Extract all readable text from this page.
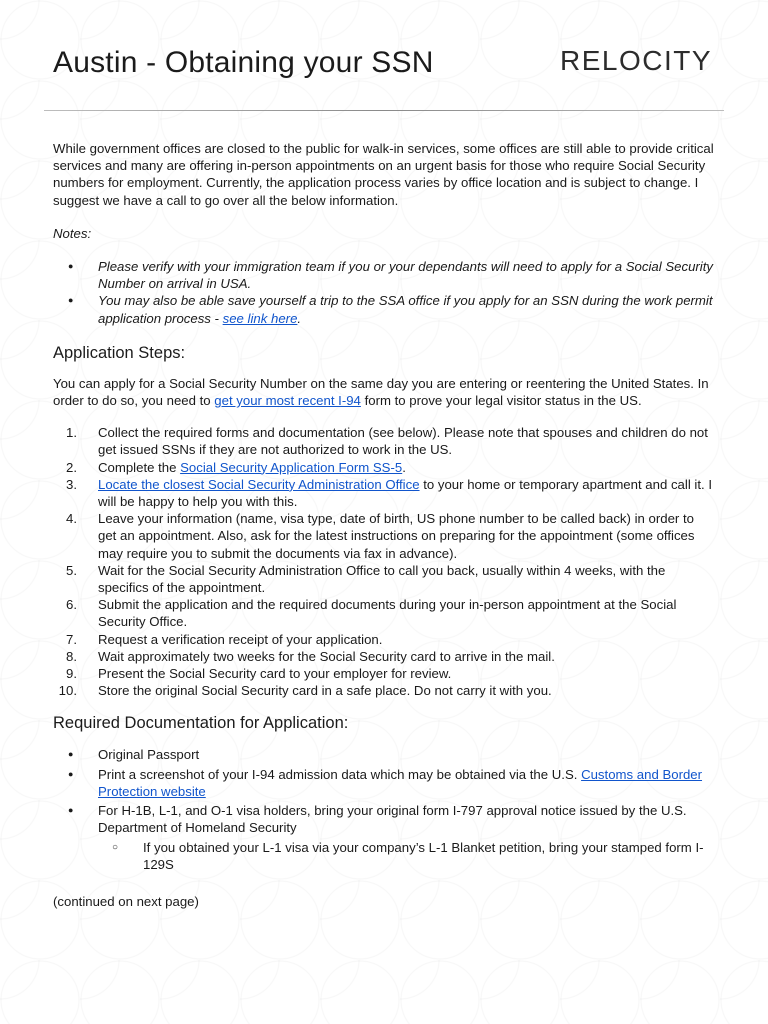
Austin - Obtaining your SSN	RELOCITY

While government offices are closed to the public for walk-in services, some offices are still able to provide critical services and many are offering in-person appointments on an urgent basis for those who require Social Security numbers for employment. Currently, the application process varies by office location and is subject to change. I suggest we have a call to go over all the below information.

Notes:

● Please verify with your immigration team if you or your dependants will need to apply for a Social Security Number on arrival in USA.
● You may also be able save yourself a trip to the SSA office if you apply for an SSN during the work permit application process - see link here.
Application Steps:

You can apply for a Social Security Number on the same day you are entering or reentering the United States. In order to do so, you need to get your most recent I-94 form to prove your legal visitor status in the US.

1. Collect the required forms and documentation (see below). Please note that spouses and children do not get issued SSNs if they are not authorized to work in the US.
2. Complete the Social Security Application Form SS-5.
3. Locate the closest Social Security Administration Office to your home or temporary apartment and call it. I will be happy to help you with this.
4. Leave your information (name, visa type, date of birth, US phone number to be called back) in order to get an appointment. Also, ask for the latest instructions on preparing for the appointment (some offices may require you to submit the documents via fax in advance).
5. Wait for the Social Security Administration Office to call you back, usually within 4 weeks, with the specifics of the appointment.
6. Submit the application and the required documents during your in-person appointment at the Social Security Office.
7. Request a verification receipt of your application.
8. Wait approximately two weeks for the Social Security card to arrive in the mail.
9. Present the Social Security card to your employer for review.
10. Store the original Social Security card in a safe place. Do not carry it with you.
Required Documentation for Application:
● Original Passport
● Print a screenshot of your I-94 admission data which may be obtained via the U.S. Customs and Border Protection website
● For H-1B, L-1, and O-1 visa holders, bring your original form I-797 approval notice issued by the U.S. Department of Homeland Security
○ If you obtained your L-1 visa via your company’s L-1 Blanket petition, bring your stamped form I-129S

(continued on next page)
